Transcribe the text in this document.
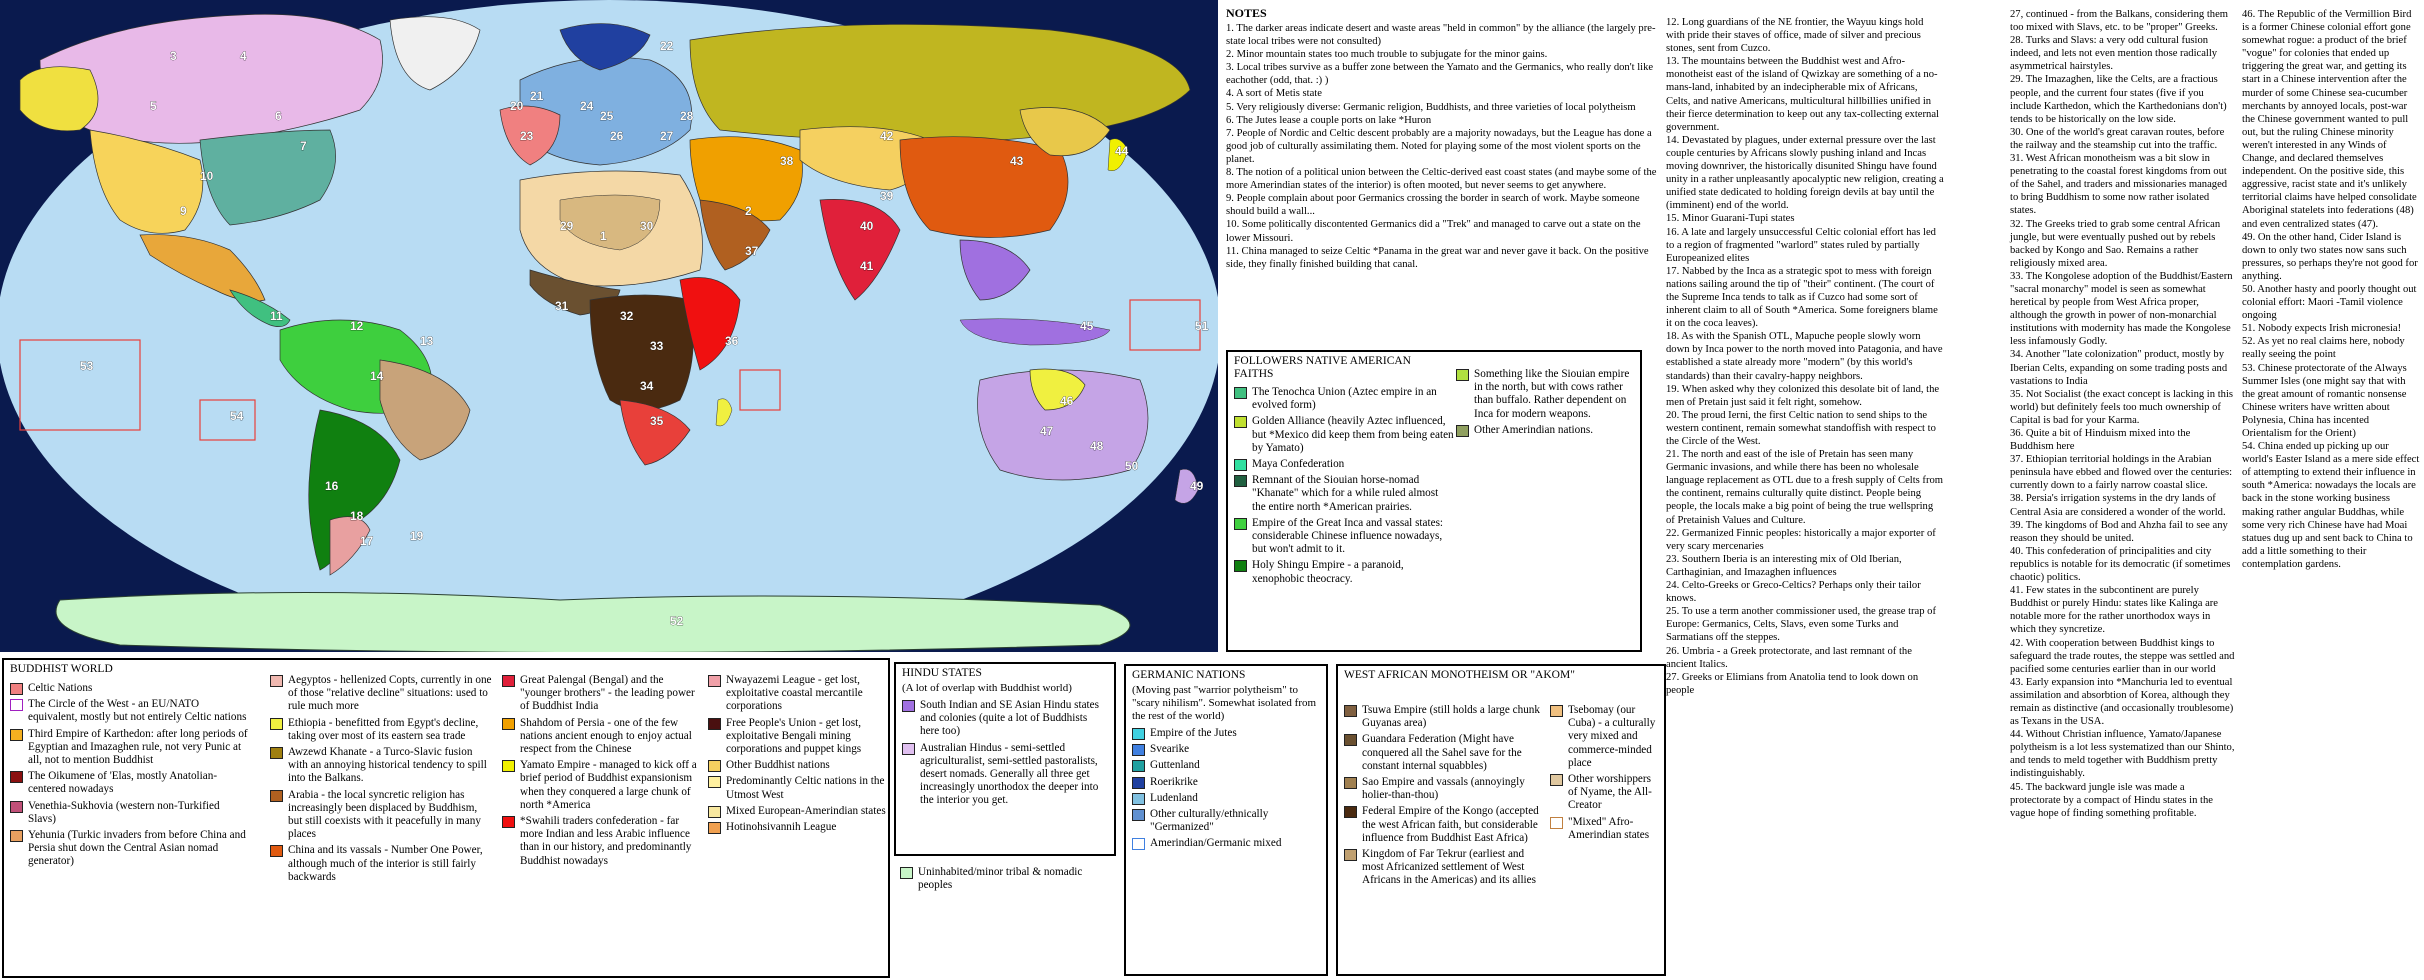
1
2
3	4
5
6
7
9
10
11
12
13
14
16
17
18
19
20
21
22
23
24
25
26	27
28
29	30
31
32
33
34
35
36
37
38
39
40
41
42
43
44
45
46
47
48
49
50
51
52
53
54
NOTES
1. The darker areas indicate desert and waste areas "held in common" by the alliance (the largely pre-state local tribes were not consulted)
2. Minor mountain states too much trouble to subjugate for the minor gains.
3. Local tribes survive as a buffer zone between the Yamato and the Germanics, who really don't like eachother (odd, that. :) )
4. A sort of Metis state
5. Very religiously diverse: Germanic religion, Buddhists, and three varieties of local polytheism
6. The Jutes lease a couple ports on lake *Huron
7. People of Nordic and Celtic descent probably are a majority nowadays, but the League has done a good job of culturally assimilating them. Noted for playing some of the most violent sports on the planet.
8. The notion of a political union between the Celtic-derived east coast states (and maybe some of the more Amerindian states of the interior) is often mooted, but never seems to get anywhere.
9. People complain about poor Germanics crossing the border in search of work. Maybe someone should build a wall...
10. Some politically discontented Germanics did a "Trek" and managed to carve out a state on the lower Missouri.
11. China managed to seize Celtic *Panama in the great war and never gave it back. On the positive side, they finally finished building that canal.
12. Long guardians of the NE frontier, the Wayuu kings hold with pride their staves of office, made of silver and precious stones, sent from Cuzco.
13. The mountains between the Buddhist west and Afro-monotheist east of the island of Qwizkay are something of a no-mans-land, inhabited by an indecipherable mix of Africans, Celts, and native Americans, multicultural hillbillies unified in their fierce determination to keep out any tax-collecting external government.
14. Devastated by plagues, under external pressure over the last couple centuries by Africans slowly pushing inland and Incas moving downriver, the historically disunited Shingu have found unity in a rather unpleasantly apocalyptic new religion, creating a unified state dedicated to holding foreign devils at bay until the (imminent) end of the world.
15. Minor Guarani-Tupi states
16. A late and largely unsuccessful Celtic colonial effort has led to a region of fragmented "warlord" states ruled by partially Europeanized elites
17. Nabbed by the Inca as a strategic spot to mess with foreign nations sailing around the tip of "their" continent. (The court of the Supreme Inca tends to talk as if Cuzco had some sort of inherent claim to all of South *America. Some foreigners blame it on the coca leaves).
18. As with the Spanish OTL, Mapuche people slowly worn down by Inca power to the north moved into Patagonia, and have established a state already more "modern" (by this world's standards) than their cavalry-happy neighbors.
19. When asked why they colonized this desolate bit of land, the men of Pretain just said it felt right, somehow.
20. The proud Ierni, the first Celtic nation to send ships to the western continent, remain somewhat standoffish with respect to the Circle of the West.
21. The north and east of the isle of Pretain has seen many Germanic invasions, and while there has been no wholesale language replacement as OTL due to a fresh supply of Celts from the continent, remains culturally quite distinct. People being people, the locals make a big point of being the true wellspring of Pretainish Values and Culture.
22. Germanized Finnic peoples: historically a major exporter of very scary mercenaries
23. Southern Iberia is an interesting mix of Old Iberian, Carthaginian, and Imazaghen influences
24. Celto-Greeks or Greco-Celtics? Perhaps only their tailor knows.
25. To use a term another commissioner used, the grease trap of Europe: Germanics, Celts, Slavs, even some Turks and Sarmatians off the steppes.
26. Umbria - a Greek protectorate, and last remnant of the ancient Italics.
27. Greeks or Elimians from Anatolia tend to look down on people
27, continued - from the Balkans, considering them too mixed with Slavs, etc. to be "proper" Greeks.
28. Turks and Slavs: a very odd cultural fusion indeed, and lets not even mention those radically asymmetrical hairstyles.
29. The Imazaghen, like the Celts, are a fractious people, and the current four states (five if you include Karthedon, which the Karthedonians don't) tends to be historically on the low side.
30. One of the world's great caravan routes, before the railway and the steamship cut into the traffic.
31. West African monotheism was a bit slow in penetrating to the coastal forest kingdoms from out of the Sahel, and traders and missionaries managed to bring Buddhism to some now rather isolated states.
32. The Greeks tried to grab some central African jungle, but were eventually pushed out by rebels backed by Kongo and Sao. Remains a rather religiously mixed area.
33. The Kongolese adoption of the Buddhist/Eastern "sacral monarchy" model is seen as somewhat heretical by people from West Africa proper, although the growth in power of non-monarchial institutions with modernity has made the Kongolese less infamously Godly.
34. Another "late colonization" product, mostly by Iberian Celts, expanding on some trading posts and vastations to India
35. Not Socialist (the exact concept is lacking in this world) but definitely feels too much ownership of Capital is bad for your Karma.
36. Quite a bit of Hinduism mixed into the Buddhism here
37. Ethiopian territorial holdings in the Arabian peninsula have ebbed and flowed over the centuries: currently down to a fairly narrow coastal slice.
38. Persia's irrigation systems in the dry lands of Central Asia are considered a wonder of the world.
39. The kingdoms of Bod and Ahzha fail to see any reason they should be united.
40. This confederation of principalities and city republics is notable for its democratic (if sometimes chaotic) politics.
41. Few states in the subcontinent are purely Buddhist or purely Hindu: states like Kalinga are notable more for the rather unorthodox ways in which they syncretize.
42. With cooperation between Buddhist kings to safeguard the trade routes, the steppe was settled and pacified some centuries earlier than in our world
43. Early expansion into *Manchuria led to eventual assimilation and absorbtion of Korea, although they remain as distinctive (and occasionally troublesome) as Texans in the USA.
44. Without Christian influence, Yamato/Japanese polytheism is a lot less systematized than our Shinto, and tends to meld together with Buddhism pretty indistinguishably.
45. The backward jungle isle was made a protectorate by a compact of Hindu states in the vague hope of finding something profitable.
46. The Republic of the Vermillion Bird is a former Chinese colonial effort gone somewhat rogue: a product of the brief "vogue" for colonies that ended up triggering the great war, and getting its start in a Chinese intervention after the murder of some Chinese sea-cucumber merchants by annoyed locals, post-war the Chinese government wanted to pull out, but the ruling Chinese minority weren't interested in any Winds of Change, and declared themselves independent. On the positive side, this aggressive, racist state and it's unlikely territorial claims have helped consolidate Aboriginal statelets into federations (48) and even centralized states (47).
49. On the other hand, Cider Island is down to only two states now sans such pressures, so perhaps they're not good for anything.
50. Another hasty and poorly thought out colonial effort: Maori -Tamil violence ongoing
51. Nobody expects Irish micronesia!
52. As yet no real claims here, nobody really seeing the point
53. Chinese protectorate of the Always Summer Isles (one might say that with the great amount of romantic nonsense Chinese writers have written about Polynesia, China has incented Orientalism for the Orient)
54. China ended up picking up our world's Easter Island as a mere side effect of attempting to extend their influence in south *America: nowadays the locals are back in the stone working business making rather angular Buddhas, while some very rich Chinese have had Moai statues dug up and sent back to China to add a little something to their contemplation gardens.
FOLLOWERS NATIVE AMERICAN FAITHS
The Tenochca Union (Aztec empire in an evolved form)
Golden Alliance (heavily Aztec influenced, but *Mexico did keep them from being eaten by Yamato)
Maya Confederation
Remnant of the Siouian horse-nomad "Khanate" which for a while ruled almost the entire north *American prairies.
Empire of the Great Inca and vassal states: considerable Chinese influence nowadays, but won't admit to it.
Holy Shingu Empire - a paranoid, xenophobic theocracy.
Something like the Siouian empire in the north, but with cows rather than buffalo. Rather dependent on Inca for modern weapons.
Other Amerindian nations.
BUDDHIST WORLD
Celtic Nations
The Circle of the West - an EU/NATO equivalent, mostly but not entirely Celtic nations
Third Empire of Karthedon: after long periods of Egyptian and Imazaghen rule, not very Punic at all, not to mention Buddhist
The Oikumene of 'Elas, mostly Anatolian-centered nowadays
Venethia-Sukhovia (western non-Turkified Slavs)
Yehunia (Turkic invaders from before China and Persia shut down the Central Asian nomad generator)
Aegyptos - hellenized Copts, currently in one of those "relative decline" situations: used to rule much more
Ethiopia - benefitted from Egypt's decline, taking over most of its eastern sea trade
Awzewd Khanate - a Turco-Slavic fusion with an annoying historical tendency to spill into the Balkans.
Arabia - the local syncretic religion has increasingly been displaced by Buddhism, but still coexists with it peacefully in many places
China and its vassals - Number One Power, although much of the interior is still fairly backwards
Great Palengal (Bengal) and the "younger brothers" - the leading power of Buddhist India
Shahdom of Persia - one of the few nations ancient enough to enjoy actual respect from the Chinese
Yamato Empire - managed to kick off a brief period of Buddhist expansionism when they conquered a large chunk of north *America
*Swahili traders confederation - far more Indian and less Arabic influence than in our history, and predominantly Buddhist nowadays
Nwayazemi League - get lost, exploitative coastal mercantile corporations
Free People's Union - get lost, exploitative Bengali mining corporations and puppet kings
Other Buddhist nations
Predominantly Celtic nations in the Utmost West
Mixed European-Amerindian states
Hotinohsivannih League
HINDU STATES
(A lot of overlap with Buddhist world)
South Indian and SE Asian Hindu states and colonies (quite a lot of Buddhists here too)
Australian Hindus - semi-settled agriculturalist, semi-settled pastoralists, desert nomads. Generally all three get increasingly unorthodox the deeper into the interior you get.
Uninhabited/minor tribal & nomadic peoples
GERMANIC NATIONS
(Moving past "warrior polytheism" to "scary nihilism". Somewhat isolated from the rest of the world)
Empire of the Jutes
Svearike
Guttenland
Roerikrike
Ludenland
Other culturally/ethnically "Germanized"
Amerindian/Germanic mixed
WEST AFRICAN MONOTHEISM OR "AKOM"
Tsuwa Empire (still holds a large chunk Guyanas area)
Guandara Federation (Might have conquered all the Sahel save for the constant internal squabbles)
Sao Empire and vassals (annoyingly holier-than-thou)
Federal Empire of the Kongo (accepted the west African faith, but considerable influence from Buddhist East Africa)
Kingdom of Far Tekrur (earliest and most Africanized settlement of West Africans in the Americas) and its allies
Tsebomay (our Cuba) - a culturally very mixed and commerce-minded place
Other worshippers of Nyame, the All-Creator
"Mixed" Afro-Amerindian states
